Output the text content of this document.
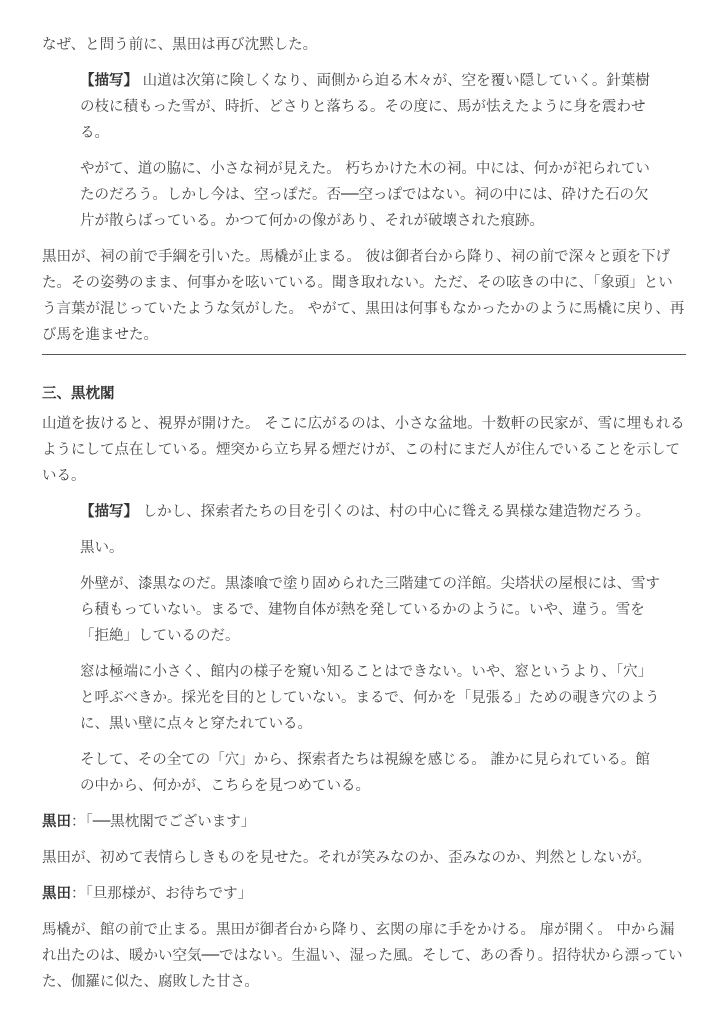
なぜ、と問う前に、黒田は再び沈黙した。

【描写】 山道は次第に険しくなり、両側から迫る木々が、空を覆い隠していく。針葉樹の枝に積もった雪が、時折、どさりと落ちる。その度に、馬が怯えたように身を震わせる。

やがて、道の脇に、小さな祠が見えた。 朽ちかけた木の祠。中には、何かが祀られていたのだろう。しかし今は、空っぽだ。否──空っぽではない。祠の中には、砕けた石の欠片が散らばっている。かつて何かの像があり、それが破壊された痕跡。

黒田が、祠の前で手綱を引いた。馬橇が止まる。 彼は御者台から降り、祠の前で深々と頭を下げた。その姿勢のまま、何事かを呟いている。聞き取れない。ただ、その呟きの中に、「象頭」という言葉が混じっていたような気がした。 やがて、黒田は何事もなかったかのように馬橇に戻り、再び馬を進ませた。

三、黒枕閣

山道を抜けると、視界が開けた。 そこに広がるのは、小さな盆地。十数軒の民家が、雪に埋もれるようにして点在している。煙突から立ち昇る煙だけが、この村にまだ人が住んでいることを示している。

【描写】 しかし、探索者たちの目を引くのは、村の中心に聳える異様な建造物だろう。

黒い。

外壁が、漆黒なのだ。黒漆喰で塗り固められた三階建ての洋館。尖塔状の屋根には、雪すら積もっていない。まるで、建物自体が熱を発しているかのように。いや、違う。雪を「拒絶」しているのだ。

窓は極端に小さく、館内の様子を窺い知ることはできない。いや、窓というより、「穴」と呼ぶべきか。採光を目的としていない。まるで、何かを「見張る」ための覗き穴のように、黒い壁に点々と穿たれている。

そして、その全ての「穴」から、探索者たちは視線を感じる。 誰かに見られている。館の中から、何かが、こちらを見つめている。

黒田：「──黒枕閣でございます」

黒田が、初めて表情らしきものを見せた。それが笑みなのか、歪みなのか、判然としないが。

黒田：「旦那様が、お待ちです」

馬橇が、館の前で止まる。黒田が御者台から降り、玄関の扉に手をかける。 扉が開く。 中から漏れ出たのは、暖かい空気──ではない。生温い、湿った風。そして、あの香り。招待状から漂っていた、伽羅に似た、腐敗した甘さ。
